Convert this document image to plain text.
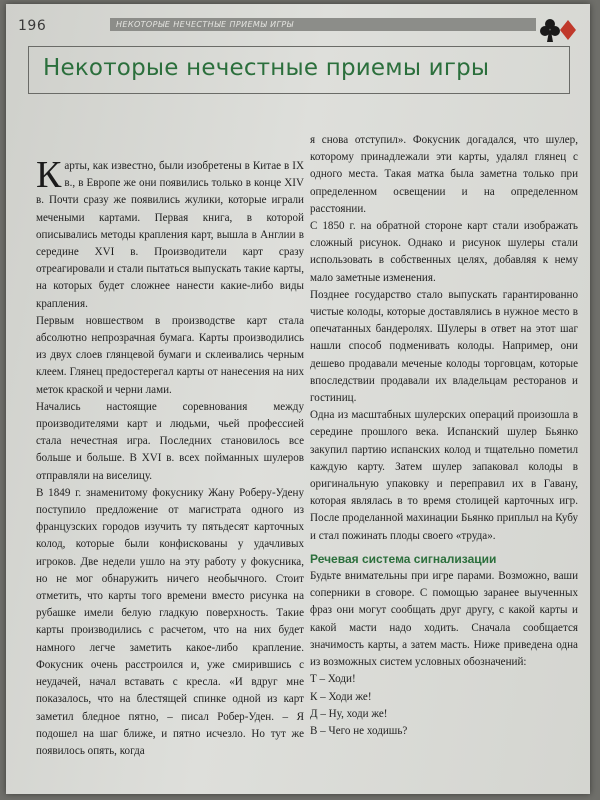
196	НЕКОТОРЫЕ НЕЧЕСТНЫЕ ПРИЕМЫ ИГРЫ
Некоторые нечестные приемы игры

Карты, как известно, были изобретены в Китае в IX в., в Европе же они появились только в конце XIV в. Почти сразу же появились жулики, которые играли мечеными картами. Первая книга, в которой описывались методы крапления карт, вышла в Англии в середине XVI в. Производители карт сразу отреагировали и стали пытаться выпускать такие карты, на которых будет сложнее нанести какие-либо виды крапления.

Первым новшеством в производстве карт стала абсолютно непрозрачная бумага. Карты производились из двух слоев глянцевой бумаги и склеивались черным клеем. Глянец предостерегал карты от нанесения на них меток краской и черни лами.

Начались настоящие соревнования между производителями карт и людьми, чьей профессией стала нечестная игра. Последних становилось все больше и больше. В XVI в. всех пойманных шулеров отправляли на виселицу.

В 1849 г. знаменитому фокуснику Жану Роберу-Удену поступило предложение от магистрата одного из французских городов изучить ту пятьдесят карточных колод, которые были конфискованы у удачливых игроков. Две недели ушло на эту работу у фокусника, но не мог обнаружить ничего необычного. Стоит отметить, что карты того времени вместо рисунка на рубашке имели белую гладкую поверхность. Такие карты производились с расчетом, что на них будет намного легче заметить какое-либо крапление. Фокусник очень расстроился и, уже смирившись с неудачей, начал вставать с кресла. «И вдруг мне показалось, что на блестящей спинке одной из карт заметил бледное пятно, – писал Робер-Уден. – Я подошел на шаг ближе, и пятно исчезло. Но тут же появилось опять, когда

я снова отступил». Фокусник догадался, что шулер, которому принадлежали эти карты, удалял глянец с одного места. Такая матка была заметна только при определенном освещении и на определенном расстоянии.

С 1850 г. на обратной стороне карт стали изображать сложный рисунок. Однако и рисунок шулеры стали использовать в собственных целях, добавляя к нему мало заметные изменения.

Позднее государство стало выпускать гарантированно чистые колоды, которые доставлялись в нужное место в опечатанных бандеролях. Шулеры в ответ на этот шаг нашли способ подменивать колоды. Например, они дешево продавали меченые колоды торговцам, которые впоследствии продавали их владельцам ресторанов и гостиниц.

Одна из масштабных шулерских операций произошла в середине прошлого века. Испанский шулер Бьянко закупил партию испанских колод и тщательно пометил каждую карту. Затем шулер запаковал колоды в оригинальную упаковку и переправил их в Гавану, которая являлась в то время столицей карточных игр. После проделанной махинации Бьянко приплыл на Кубу и стал пожинать плоды своего «труда».

Речевая система сигнализации

Будьте внимательны при игре парами. Возможно, ваши соперники в сговоре. С помощью заранее выученных фраз они могут сообщать друг другу, с какой карты и какой масти надо ходить. Сначала сообщается значимость карты, а затем масть. Ниже приведена одна из возможных систем условных обозначений:

Т – Ходи!

К – Ходи же!

Д – Ну, ходи же!

В – Чего не ходишь?
